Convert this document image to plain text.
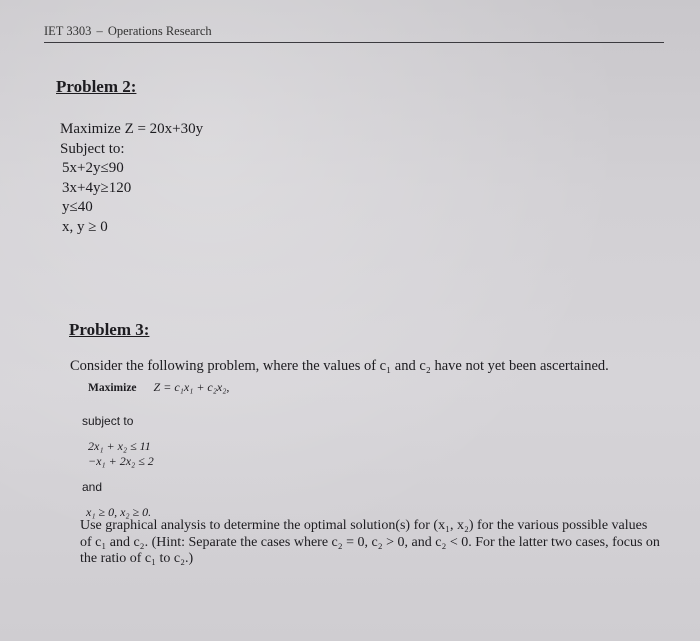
IET 3303 – Operations Research
Problem 2:
Maximize Z = 20x+30y
Subject to:
5x+2y≤90
3x+4y≥120
y≤40
x, y ≥ 0
Problem 3:
Consider the following problem, where the values of c₁ and c₂ have not yet been ascertained.
Maximize Z = c₁x₁ + c₂x₂,
subject to
2x₁ + x₂ ≤ 11
−x₁ + 2x₂ ≤ 2
and
x₁ ≥ 0, x₂ ≥ 0.

Use graphical analysis to determine the optimal solution(s) for (x₁, x₂) for the various possible values of c₁ and c₂. (Hint: Separate the cases where c₂ = 0, c₂ > 0, and c₂ < 0. For the latter two cases, focus on the ratio of c₁ to c₂.)
